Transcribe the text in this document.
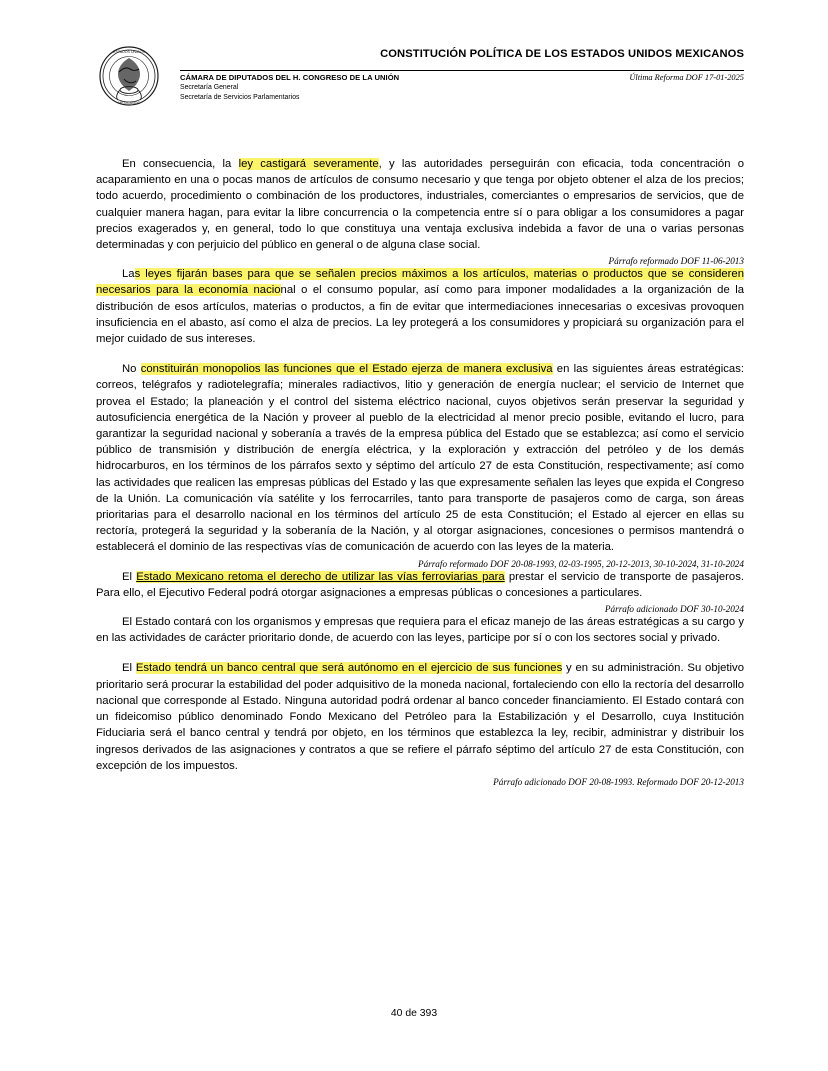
ESTADOS UNIDOS
MEXICANOS
CONSTITUCIÓN POLÍTICA DE LOS ESTADOS UNIDOS MEXICANOS
CÁMARA DE DIPUTADOS DEL H. CONGRESO DE LA UNIÓN
Secretaría General
Secretaría de Servicios Parlamentarios
Última Reforma DOF 17-01-2025

En consecuencia, la ley castigará severamente, y las autoridades perseguirán con eficacia, toda concentración o acaparamiento en una o pocas manos de artículos de consumo necesario y que tenga por objeto obtener el alza de los precios; todo acuerdo, procedimiento o combinación de los productores, industriales, comerciantes o empresarios de servicios, que de cualquier manera hagan, para evitar la libre concurrencia o la competencia entre sí o para obligar a los consumidores a pagar precios exagerados y, en general, todo lo que constituya una ventaja exclusiva indebida a favor de una o varias personas determinadas y con perjuicio del público en general o de alguna clase social.

Párrafo reformado DOF 11-06-2013

Las leyes fijarán bases para que se señalen precios máximos a los artículos, materias o productos que se consideren necesarios para la economía nacional o el consumo popular, así como para imponer modalidades a la organización de la distribución de esos artículos, materias o productos, a fin de evitar que intermediaciones innecesarias o excesivas provoquen insuficiencia en el abasto, así como el alza de precios. La ley protegerá a los consumidores y propiciará su organización para el mejor cuidado de sus intereses.

No constituirán monopolios las funciones que el Estado ejerza de manera exclusiva en las siguientes áreas estratégicas: correos, telégrafos y radiotelegrafía; minerales radiactivos, litio y generación de energía nuclear; el servicio de Internet que provea el Estado; la planeación y el control del sistema eléctrico nacional, cuyos objetivos serán preservar la seguridad y autosuficiencia energética de la Nación y proveer al pueblo de la electricidad al menor precio posible, evitando el lucro, para garantizar la seguridad nacional y soberanía a través de la empresa pública del Estado que se establezca; así como el servicio público de transmisión y distribución de energía eléctrica, y la exploración y extracción del petróleo y de los demás hidrocarburos, en los términos de los párrafos sexto y séptimo del artículo 27 de esta Constitución, respectivamente; así como las actividades que realicen las empresas públicas del Estado y las que expresamente señalen las leyes que expida el Congreso de la Unión. La comunicación vía satélite y los ferrocarriles, tanto para transporte de pasajeros como de carga, son áreas prioritarias para el desarrollo nacional en los términos del artículo 25 de esta Constitución; el Estado al ejercer en ellas su rectoría, protegerá la seguridad y la soberanía de la Nación, y al otorgar asignaciones, concesiones o permisos mantendrá o establecerá el dominio de las respectivas vías de comunicación de acuerdo con las leyes de la materia.

Párrafo reformado DOF 20-08-1993, 02-03-1995, 20-12-2013, 30-10-2024, 31-10-2024

El Estado Mexicano retoma el derecho de utilizar las vías ferroviarias para prestar el servicio de transporte de pasajeros. Para ello, el Ejecutivo Federal podrá otorgar asignaciones a empresas públicas o concesiones a particulares.

Párrafo adicionado DOF 30-10-2024

El Estado contará con los organismos y empresas que requiera para el eficaz manejo de las áreas estratégicas a su cargo y en las actividades de carácter prioritario donde, de acuerdo con las leyes, participe por sí o con los sectores social y privado.

El Estado tendrá un banco central que será autónomo en el ejercicio de sus funciones y en su administración. Su objetivo prioritario será procurar la estabilidad del poder adquisitivo de la moneda nacional, fortaleciendo con ello la rectoría del desarrollo nacional que corresponde al Estado. Ninguna autoridad podrá ordenar al banco conceder financiamiento. El Estado contará con un fideicomiso público denominado Fondo Mexicano del Petróleo para la Estabilización y el Desarrollo, cuya Institución Fiduciaria será el banco central y tendrá por objeto, en los términos que establezca la ley, recibir, administrar y distribuir los ingresos derivados de las asignaciones y contratos a que se refiere el párrafo séptimo del artículo 27 de esta Constitución, con excepción de los impuestos.

Párrafo adicionado DOF 20-08-1993. Reformado DOF 20-12-2013

40 de 393
